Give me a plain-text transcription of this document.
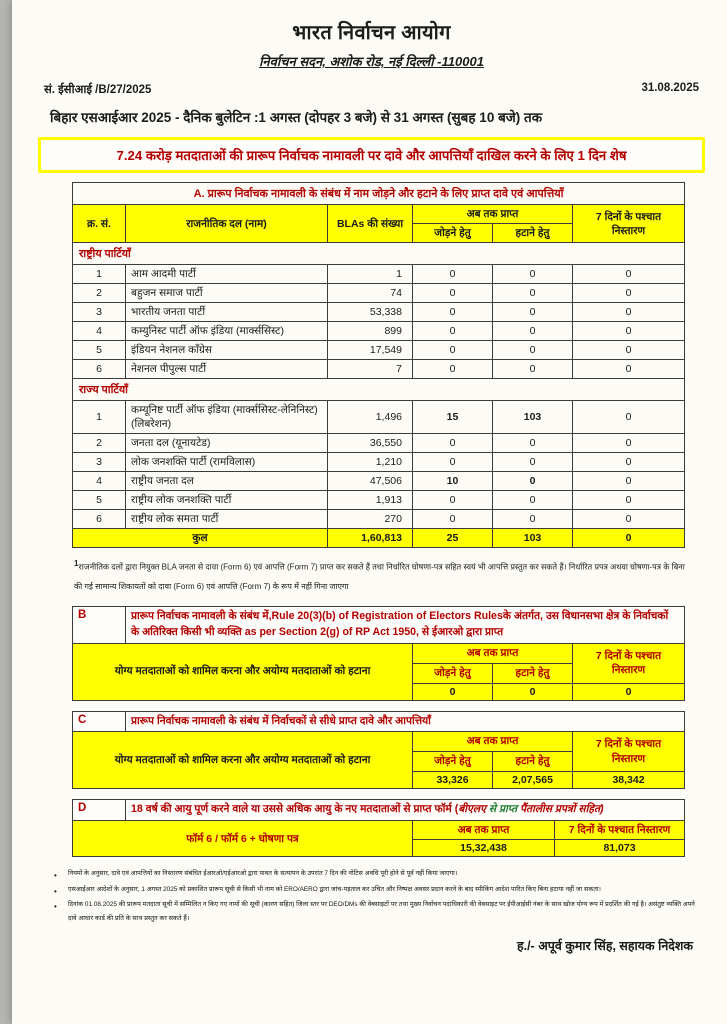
भारत निर्वाचन आयोग
निर्वाचन सदन, अशोक रोड, नई दिल्ली -110001
सं. ईसीआई /B/27/2025	31.08.2025
बिहार एसआईआर 2025 - दैनिक बुलेटिन :1 अगस्त (दोपहर 3 बजे) से 31 अगस्त (सुबह 10 बजे) तक
7.24 करोड़ मतदाताओं की प्रारूप निर्वाचक नामावली पर दावे और आपत्तियाँ दाखिल करने के लिए 1 दिन शेष
A. प्रारूप निर्वाचक नामावली के संबंध में नाम जोड़ने और हटाने के लिए प्राप्त दावे एवं आपत्तियाँ					
क्र. सं.	राजनीतिक दल (नाम)	BLAs की संख्या	अब तक प्राप्त		7 दिनों के पश्चात निस्तारण
			जोड़ने हेतु	हटाने हेतु	
राष्ट्रीय पार्टियाँ					
1	आम आदमी पार्टी	1	0	0	0
2	बहुजन समाज पार्टी	74	0	0	0
3	भारतीय जनता पार्टी	53,338	0	0	0
4	कम्युनिस्ट पार्टी ऑफ इंडिया (मार्क्ससिस्ट)	899	0	0	0
5	इंडियन नेशनल काँग्रेस	17,549	0	0	0
6	नेशनल पीपुल्स पार्टी	7	0	0	0
राज्य पार्टियाँ					
1	कम्यूनिष्ट पार्टी ऑफ इंडिया (मार्क्ससिस्ट-लेनिनिस्ट) (लिबरेशन)	1,496	15	103	0
2	जनता दल (यूनायटेड)	36,550	0	0	0
3	लोक जनशक्ति पार्टी (रामविलास)	1,210	0	0	0
4	राष्ट्रीय जनता दल	47,506	10	0	0
5	राष्ट्रीय लोक जनशक्ति पार्टी	1,913	0	0	0
6	राष्ट्रीय लोक समता पार्टी	270	0	0	0
कुल		1,60,813	25	103	0
$^1$राजनीतिक दलों द्वारा नियुक्त BLA जनता से दावा (Form 6) एवं आपत्ति (Form 7) प्राप्त कर सकते हैं तथा निर्धारित घोषणा-पत्र सहित स्वयं भी आपत्ति प्रस्तुत कर सकते हैं। निर्धारित प्रपत्र अथवा घोषणा-पत्र के बिना की गई सामान्य शिकायतों को दावा (Form 6) एवं आपत्ति (Form 7) के रूप में नहीं गिना जाएगा
B	प्रारूप निर्वाचक नामावली के संबंध में,Rule 20(3)(b) of Registration of Electors Rulesके अंतर्गत, उस विधानसभा क्षेत्र के निर्वाचकों के अतिरिक्त किसी भी व्यक्ति as per Section 2(g) of RP Act 1950, से ईआरओ द्वारा प्राप्त			
योग्य मतदाताओं को शामिल करना और अयोग्य मतदाताओं को हटाना		अब तक प्राप्त		7 दिनों के पश्चात निस्तारण
		जोड़ने हेतु	हटाने हेतु	
		0	0	0
C	प्रारूप निर्वाचक नामावली के संबंध में निर्वाचकों से सीधे प्राप्त दावे और आपत्तियाँ			
योग्य मतदाताओं को शामिल करना और अयोग्य मतदाताओं को हटाना		अब तक प्राप्त		7 दिनों के पश्चात निस्तारण
		जोड़ने हेतु	हटाने हेतु	
		33,326	2,07,565	38,342
D	18 वर्ष की आयु पूर्ण करने वाले या उससे अधिक आयु के नए मतदाताओं से प्राप्त फॉर्म (बीएलए से प्राप्त पैंतालीस प्रपत्रों सहित)		
फॉर्म 6 / फॉर्म 6 + घोषणा पत्र		अब तक प्राप्त	7 दिनों के पश्चात निस्तारण
		15,32,438	81,073
• नियमों के अनुसार, दावे एवं आपत्तियों का निस्तारण संबंधित ईआरओ/एईआरओ द्वारा पावत के सत्यापन के उपरांत 7 दिन की नोटिस अवधि पूरी होने से पूर्व नहीं किया जाएगा।
• एसआईआर आदेशों के अनुसार, 1 अगस्त 2025 को प्रकाशित प्रारूप सूची से किसी भी नाम को ERO/AERO द्वारा जांच-पड़ताल कर उचित और निष्पक्ष अवसर प्रदान करने के बाद स्पीकिंग आदेश पारित किए बिना हटाया नहीं जा सकता।
• दिनांक 01.08.2025 की प्रारूप मतदाता सूची में सम्मिलित न किए गए नामों की सूची (कारण सहित) जिला स्तर पर DEO/DMs की वेबसाइटों पर तथा मुख्य निर्वाचन पदाधिकारी की वेबसाइट पर ईपीआईसी नंबर के साथ खोज योग्य रूप में प्रदर्शित की गई है। असंतुष्ट व्यक्ति अपने दावे आधार कार्ड की प्रति के साथ प्रस्तुत कर सकते हैं।
ह./- अपूर्व कुमार सिंह, सहायक निदेशक
